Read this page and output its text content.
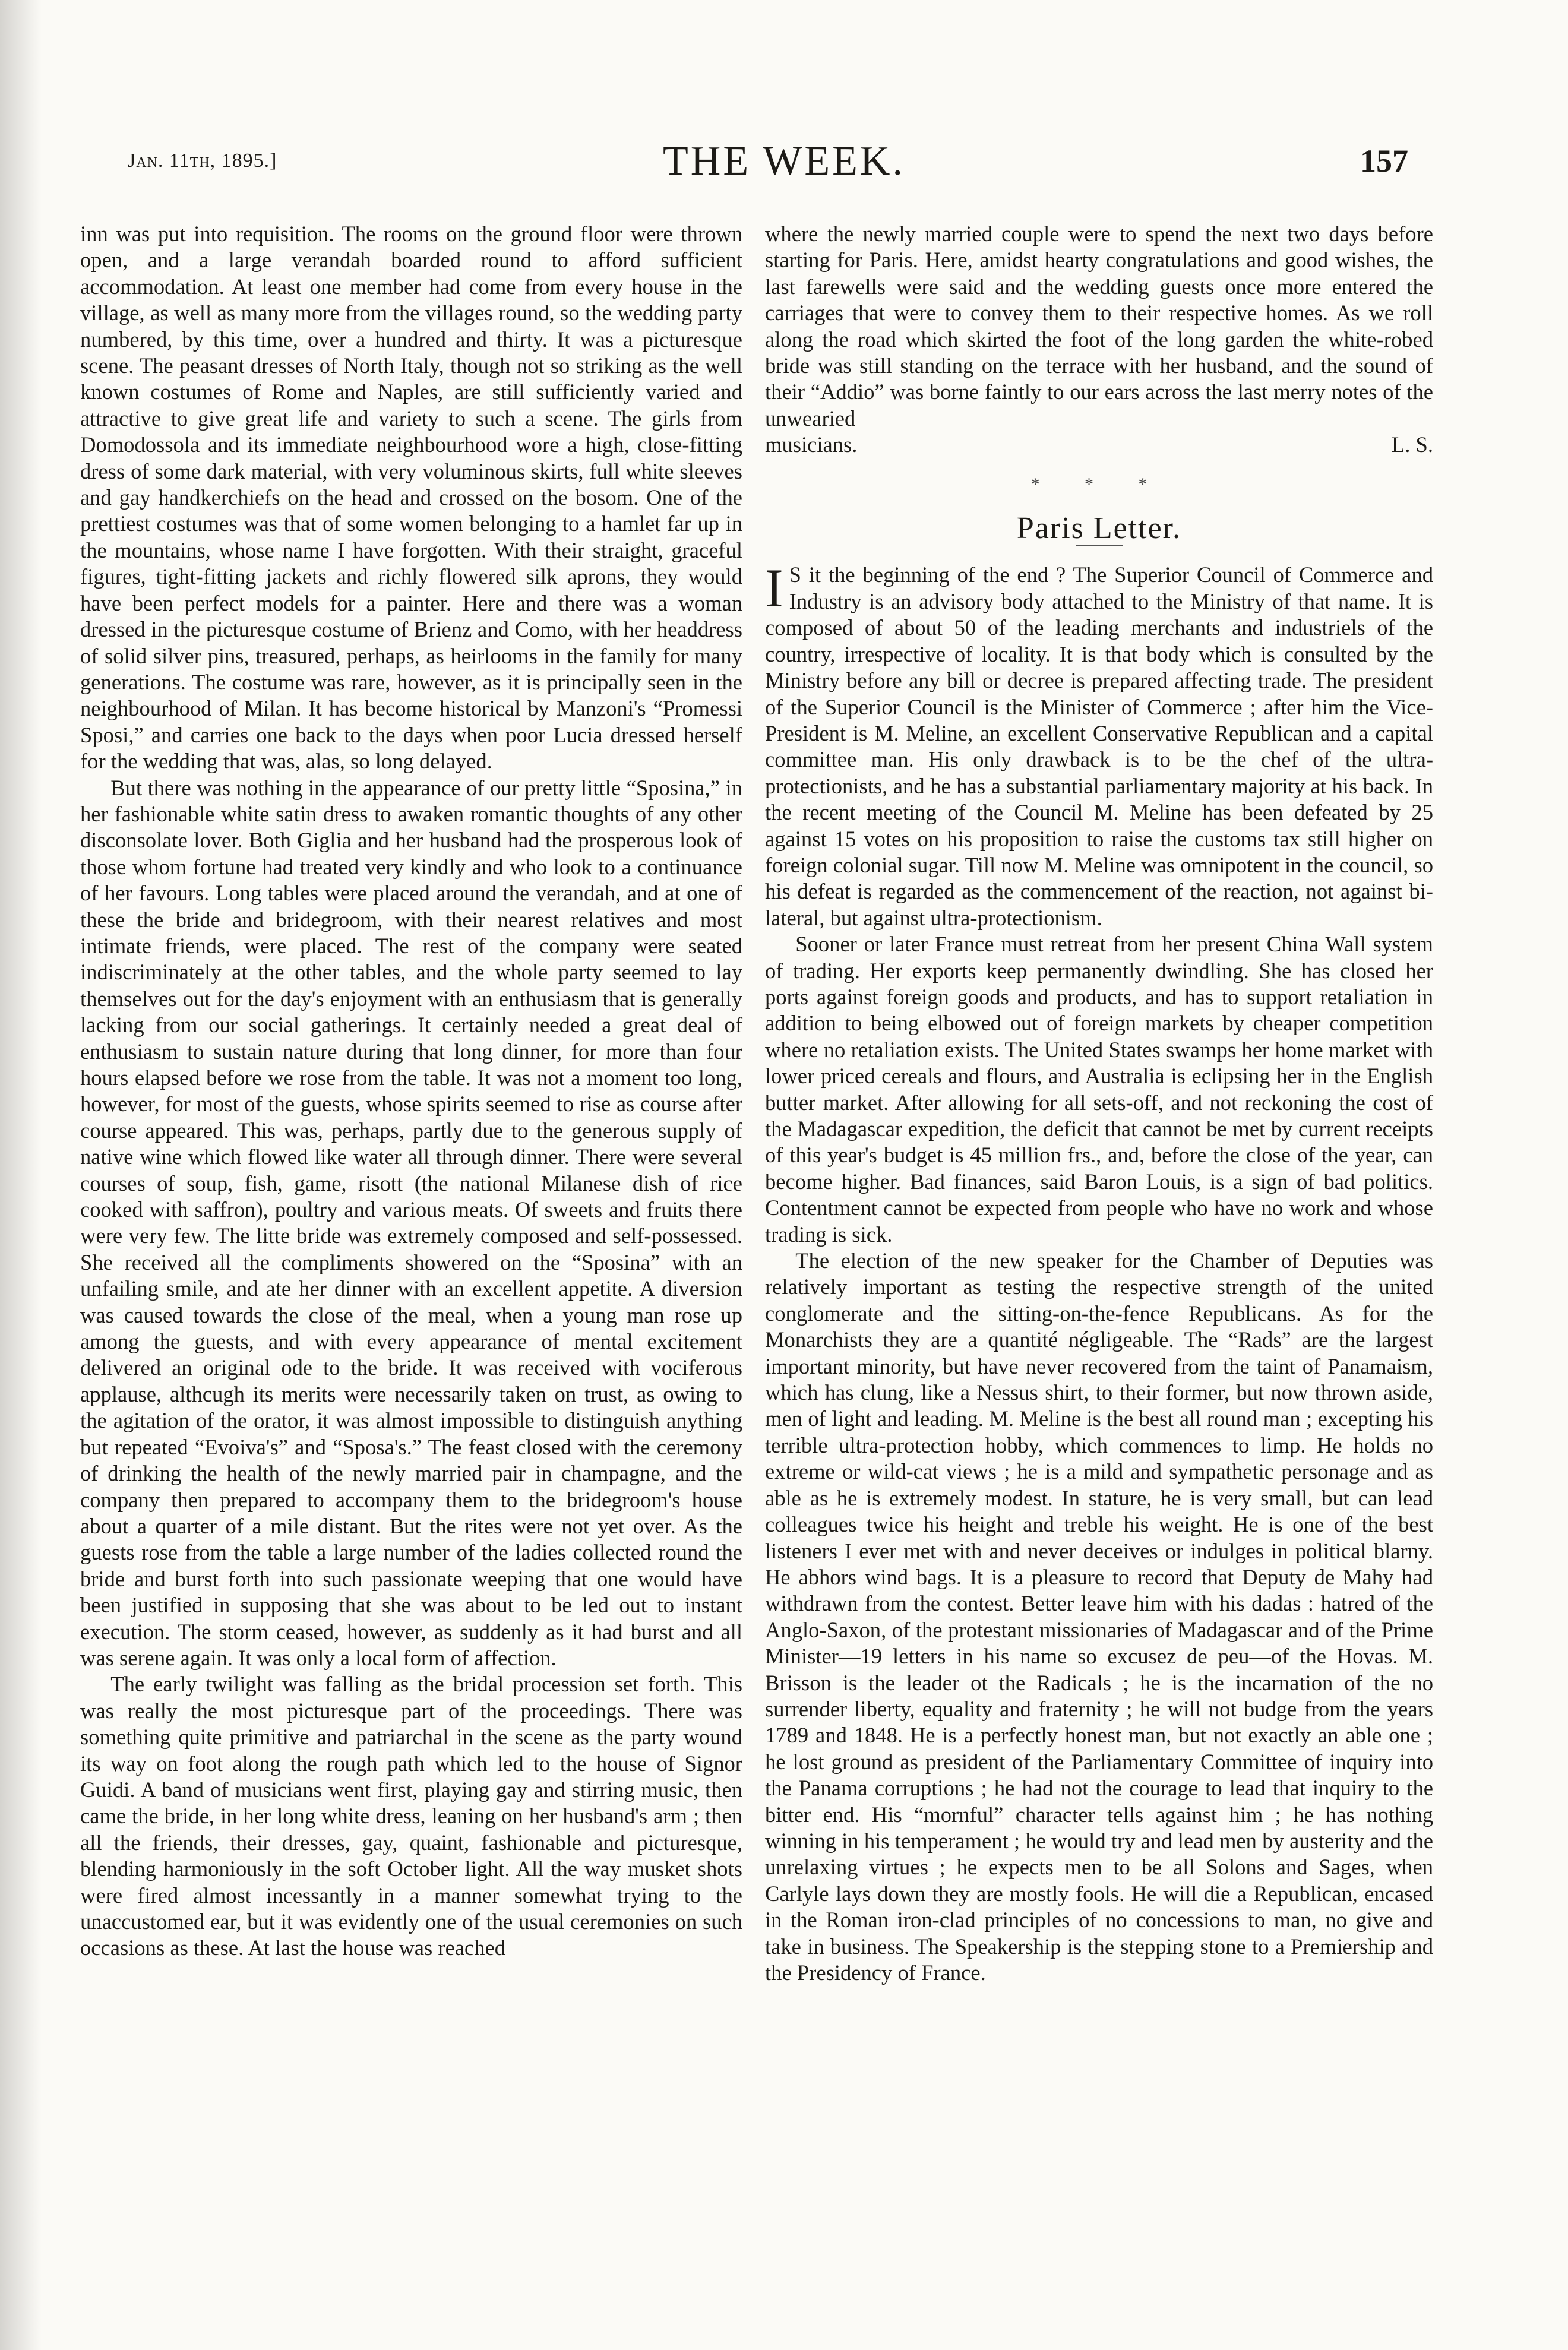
Jan. 11th, 1895.]	THE WEEK.	157

inn was put into requisition. The rooms on the ground floor were thrown open, and a large verandah boarded round to afford sufficient accommodation. At least one member had come from every house in the village, as well as many more from the villages round, so the wedding party numbered, by this time, over a hundred and thirty. It was a picturesque scene. The peasant dresses of North Italy, though not so striking as the well known costumes of Rome and Naples, are still sufficiently varied and attractive to give great life and variety to such a scene. The girls from Domodossola and its immediate neighbourhood wore a high, close-fitting dress of some dark material, with very voluminous skirts, full white sleeves and gay handkerchiefs on the head and crossed on the bosom. One of the prettiest costumes was that of some women belonging to a hamlet far up in the mountains, whose name I have forgotten. With their straight, graceful figures, tight-fitting jackets and richly flowered silk aprons, they would have been perfect models for a painter. Here and there was a woman dressed in the picturesque costume of Brienz and Como, with her headdress of solid silver pins, treasured, perhaps, as heirlooms in the family for many generations. The costume was rare, however, as it is principally seen in the neighbourhood of Milan. It has become historical by Manzoni's “Promessi Sposi,” and carries one back to the days when poor Lucia dressed herself for the wedding that was, alas, so long delayed.

But there was nothing in the appearance of our pretty little “Sposina,” in her fashionable white satin dress to awaken romantic thoughts of any other disconsolate lover. Both Giglia and her husband had the prosperous look of those whom fortune had treated very kindly and who look to a continuance of her favours. Long tables were placed around the verandah, and at one of these the bride and bridegroom, with their nearest relatives and most intimate friends, were placed. The rest of the company were seated indiscriminately at the other tables, and the whole party seemed to lay themselves out for the day's enjoyment with an enthusiasm that is generally lacking from our social gatherings. It certainly needed a great deal of enthusiasm to sustain nature during that long dinner, for more than four hours elapsed before we rose from the table. It was not a moment too long, however, for most of the guests, whose spirits seemed to rise as course after course appeared. This was, perhaps, partly due to the generous supply of native wine which flowed like water all through dinner. There were several courses of soup, fish, game, risott (the national Milanese dish of rice cooked with saffron), poultry and various meats. Of sweets and fruits there were very few. The litte bride was extremely composed and self-possessed. She received all the compliments showered on the “Sposina” with an unfailing smile, and ate her dinner with an excellent appetite. A diversion was caused towards the close of the meal, when a young man rose up among the guests, and with every appearance of mental excitement delivered an original ode to the bride. It was received with vociferous applause, althcugh its merits were necessarily taken on trust, as owing to the agitation of the orator, it was almost impossible to distinguish anything but repeated “Evoiva's” and “Sposa's.” The feast closed with the ceremony of drinking the health of the newly married pair in champagne, and the company then prepared to accompany them to the bridegroom's house about a quarter of a mile distant. But the rites were not yet over. As the guests rose from the table a large number of the ladies collected round the bride and burst forth into such passionate weeping that one would have been justified in supposing that she was about to be led out to instant execution. The storm ceased, however, as suddenly as it had burst and all was serene again. It was only a local form of affection.

The early twilight was falling as the bridal procession set forth. This was really the most picturesque part of the proceedings. There was something quite primitive and patriarchal in the scene as the party wound its way on foot along the rough path which led to the house of Signor Guidi. A band of musicians went first, playing gay and stirring music, then came the bride, in her long white dress, leaning on her husband's arm ; then all the friends, their dresses, gay, quaint, fashionable and picturesque, blending harmoniously in the soft October light. All the way musket shots were fired almost incessantly in a manner somewhat trying to the unaccustomed ear, but it was evidently one of the usual ceremonies on such occasions as these. At last the house was reached

where the newly married couple were to spend the next two days before starting for Paris. Here, amidst hearty congratulations and good wishes, the last farewells were said and the wedding guests once more entered the carriages that were to convey them to their respective homes. As we roll along the road which skirted the foot of the long garden the white-robed bride was still standing on the terrace with her husband, and the sound of their “Addio” was borne faintly to our ears across the last merry notes of the unwearied

musicians.	L. S.
* * *
Paris Letter.

I S it the beginning of the end ? The Superior Council of Commerce and Industry is an advisory body attached to the Ministry of that name. It is composed of about 50 of the leading merchants and industriels of the country, irrespective of locality. It is that body which is consulted by the Ministry before any bill or decree is prepared affecting trade. The president of the Superior Council is the Minister of Commerce ; after him the Vice-President is M. Meline, an excellent Conservative Republican and a capital committee man. His only drawback is to be the chef of the ultra-protectionists, and he has a substantial parliamentary majority at his back. In the recent meeting of the Council M. Meline has been defeated by 25 against 15 votes on his proposition to raise the customs tax still higher on foreign colonial sugar. Till now M. Meline was omnipotent in the council, so his defeat is regarded as the commencement of the reaction, not against bi-lateral, but against ultra-protectionism.

Sooner or later France must retreat from her present China Wall system of trading. Her exports keep permanently dwindling. She has closed her ports against foreign goods and products, and has to support retaliation in addition to being elbowed out of foreign markets by cheaper competition where no retaliation exists. The United States swamps her home market with lower priced cereals and flours, and Australia is eclipsing her in the English butter market. After allowing for all sets-off, and not reckoning the cost of the Madagascar expedition, the deficit that cannot be met by current receipts of this year's budget is 45 million frs., and, before the close of the year, can become higher. Bad finances, said Baron Louis, is a sign of bad politics. Contentment cannot be expected from people who have no work and whose trading is sick.

The election of the new speaker for the Chamber of Deputies was relatively important as testing the respective strength of the united conglomerate and the sitting-on-the-fence Republicans. As for the Monarchists they are a quantité négligeable. The “Rads” are the largest important minority, but have never recovered from the taint of Panamaism, which has clung, like a Nessus shirt, to their former, but now thrown aside, men of light and leading. M. Meline is the best all round man ; excepting his terrible ultra-protection hobby, which commences to limp. He holds no extreme or wild-cat views ; he is a mild and sympathetic personage and as able as he is extremely modest. In stature, he is very small, but can lead colleagues twice his height and treble his weight. He is one of the best listeners I ever met with and never deceives or indulges in political blarny. He abhors wind bags. It is a pleasure to record that Deputy de Mahy had withdrawn from the contest. Better leave him with his dadas : hatred of the Anglo-Saxon, of the protestant missionaries of Madagascar and of the Prime Minister—19 letters in his name so excusez de peu—of the Hovas. M. Brisson is the leader ot the Radicals ; he is the incarnation of the no surrender liberty, equality and fraternity ; he will not budge from the years 1789 and 1848. He is a perfectly honest man, but not exactly an able one ; he lost ground as president of the Parliamentary Committee of inquiry into the Panama corruptions ; he had not the courage to lead that inquiry to the bitter end. His “mornful” character tells against him ; he has nothing winning in his temperament ; he would try and lead men by austerity and the unrelaxing virtues ; he expects men to be all Solons and Sages, when Carlyle lays down they are mostly fools. He will die a Republican, encased in the Roman iron-clad principles of no concessions to man, no give and take in business. The Speakership is the stepping stone to a Premiership and the Presidency of France.
